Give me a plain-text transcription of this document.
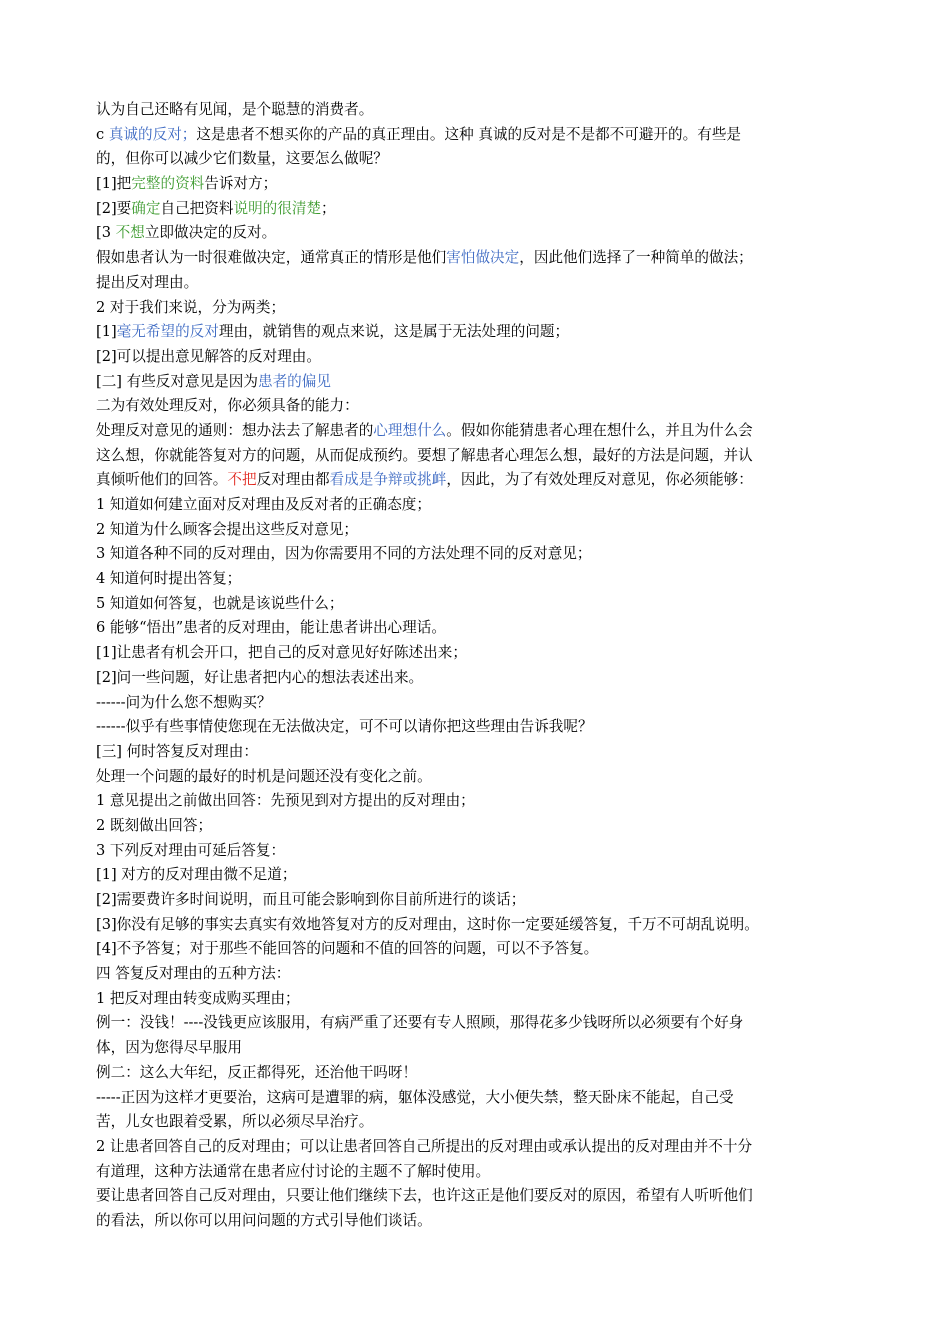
认为自己还略有见闻，是个聪慧的消费者。
c 真诚的反对；这是患者不想买你的产品的真正理由。这种 真诚的反对是不是都不可避开的。有些是
的，但你可以减少它们数量，这要怎么做呢？
[1]把完整的资料告诉对方；
[2]要确定自己把资料说明的很清楚；
[3 不想立即做决定的反对。
假如患者认为一时很难做决定，通常真正的情形是他们害怕做决定，因此他们选择了一种简单的做法；
提出反对理由。
2 对于我们来说，分为两类；
[1]毫无希望的反对理由，就销售的观点来说，这是属于无法处理的问题；
[2]可以提出意见解答的反对理由。
[二] 有些反对意见是因为患者的偏见
二为有效处理反对，你必须具备的能力：
处理反对意见的通则：想办法去了解患者的心理想什么。假如你能猜患者心理在想什么，并且为什么会
这么想，你就能答复对方的问题，从而促成预约。要想了解患者心理怎么想，最好的方法是问题，并认
真倾听他们的回答。不把反对理由都看成是争辩或挑衅，因此，为了有效处理反对意见，你必须能够：
1 知道如何建立面对反对理由及反对者的正确态度；
2 知道为什么顾客会提出这些反对意见；
3 知道各种不同的反对理由，因为你需要用不同的方法处理不同的反对意见；
4 知道何时提出答复；
5 知道如何答复，也就是该说些什么；
6 能够“悟出”患者的反对理由，能让患者讲出心理话。
[1]让患者有机会开口，把自己的反对意见好好陈述出来；
[2]问一些问题，好让患者把内心的想法表述出来。
------问为什么您不想购买？
------似乎有些事情使您现在无法做决定，可不可以请你把这些理由告诉我呢？
[三] 何时答复反对理由：
处理一个问题的最好的时机是问题还没有变化之前。
1 意见提出之前做出回答：先预见到对方提出的反对理由；
2 既刻做出回答；
3 下列反对理由可延后答复：
[1] 对方的反对理由微不足道；
[2]需要费许多时间说明，而且可能会影响到你目前所进行的谈话；
[3]你没有足够的事实去真实有效地答复对方的反对理由，这时你一定要延缓答复，千万不可胡乱说明。
[4]不予答复；对于那些不能回答的问题和不值的回答的问题，可以不予答复。
四 答复反对理由的五种方法：
1 把反对理由转变成购买理由；
例一：没钱！----没钱更应该服用，有病严重了还要有专人照顾，那得花多少钱呀所以必须要有个好身
体，因为您得尽早服用
例二：这么大年纪，反正都得死，还治他干吗呀！
-----正因为这样才更要治，这病可是遭罪的病，躯体没感觉，大小便失禁，整天卧床不能起，自己受
苦，儿女也跟着受累，所以必须尽早治疗。
2 让患者回答自己的反对理由；可以让患者回答自己所提出的反对理由或承认提出的反对理由并不十分
有道理，这种方法通常在患者应付讨论的主题不了解时使用。
要让患者回答自己反对理由，只要让他们继续下去，也许这正是他们要反对的原因，希望有人听听他们
的看法，所以你可以用问问题的方式引导他们谈话。
